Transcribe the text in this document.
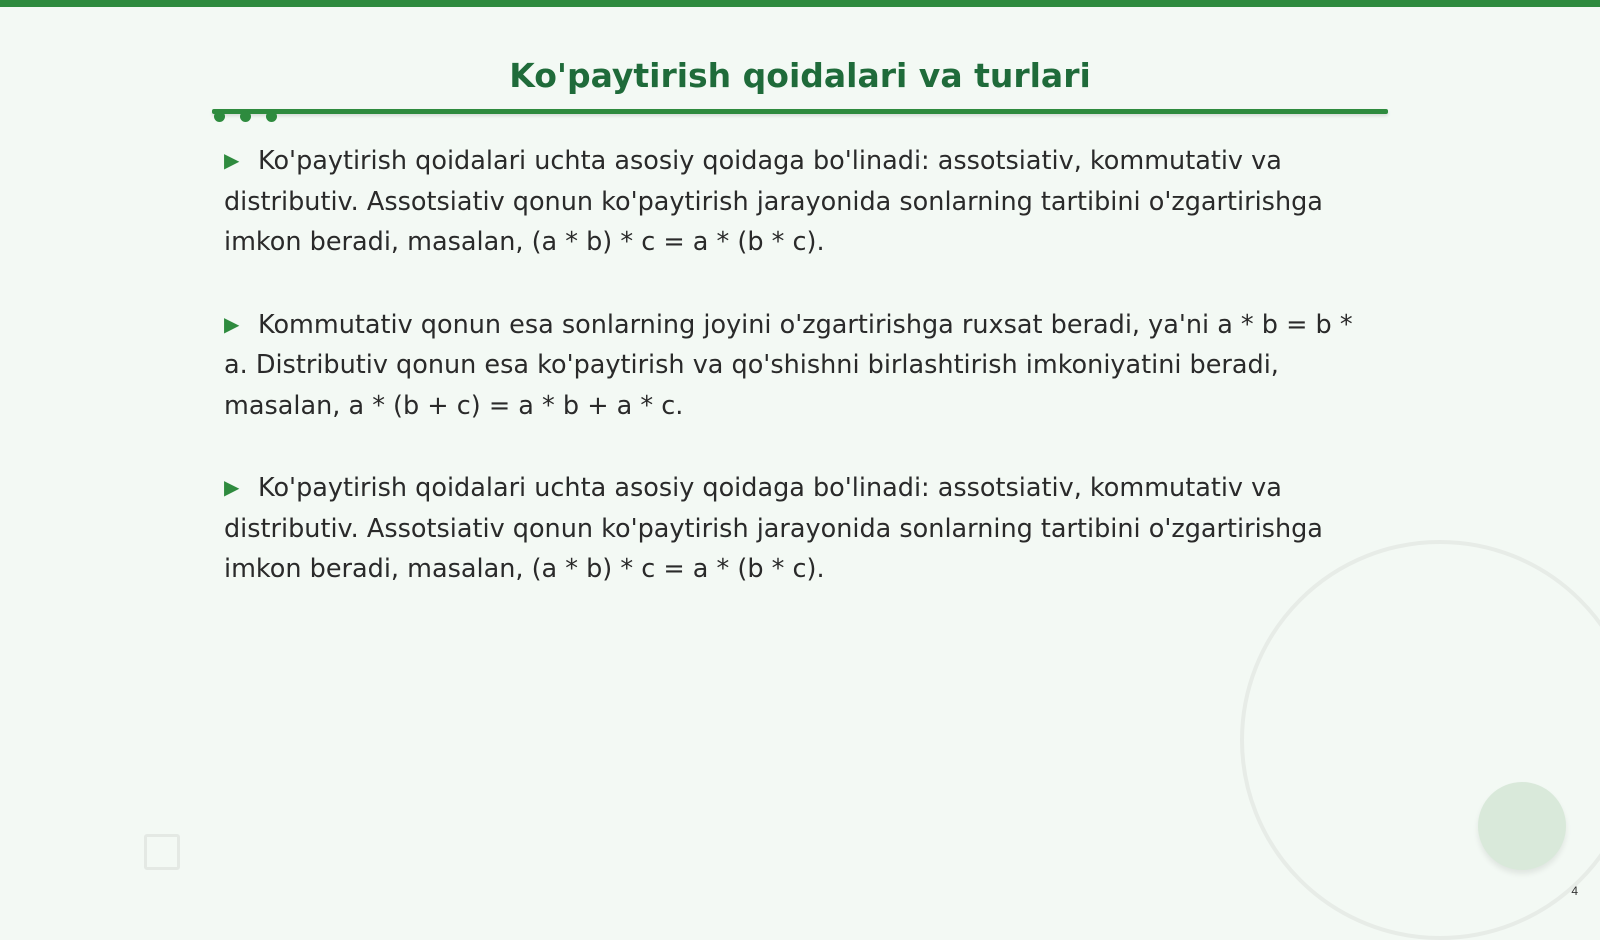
Ko'paytirish qoidalari va turlari

▶ Ko'paytirish qoidalari uchta asosiy qoidaga bo'linadi: assotsiativ, kommutativ va distributiv. Assotsiativ qonun ko'paytirish jarayonida sonlarning tartibini o'zgartirishga imkon beradi, masalan, (a * b) * c = a * (b * c).

▶ Kommutativ qonun esa sonlarning joyini o'zgartirishga ruxsat beradi, ya'ni a * b = b * a. Distributiv qonun esa ko'paytirish va qo'shishni birlashtirish imkoniyatini beradi, masalan, a * (b + c) = a * b + a * c.

▶ Ko'paytirish qoidalari uchta asosiy qoidaga bo'linadi: assotsiativ, kommutativ va distributiv. Assotsiativ qonun ko'paytirish jarayonida sonlarning tartibini o'zgartirishga imkon beradi, masalan, (a * b) * c = a * (b * c).

4
